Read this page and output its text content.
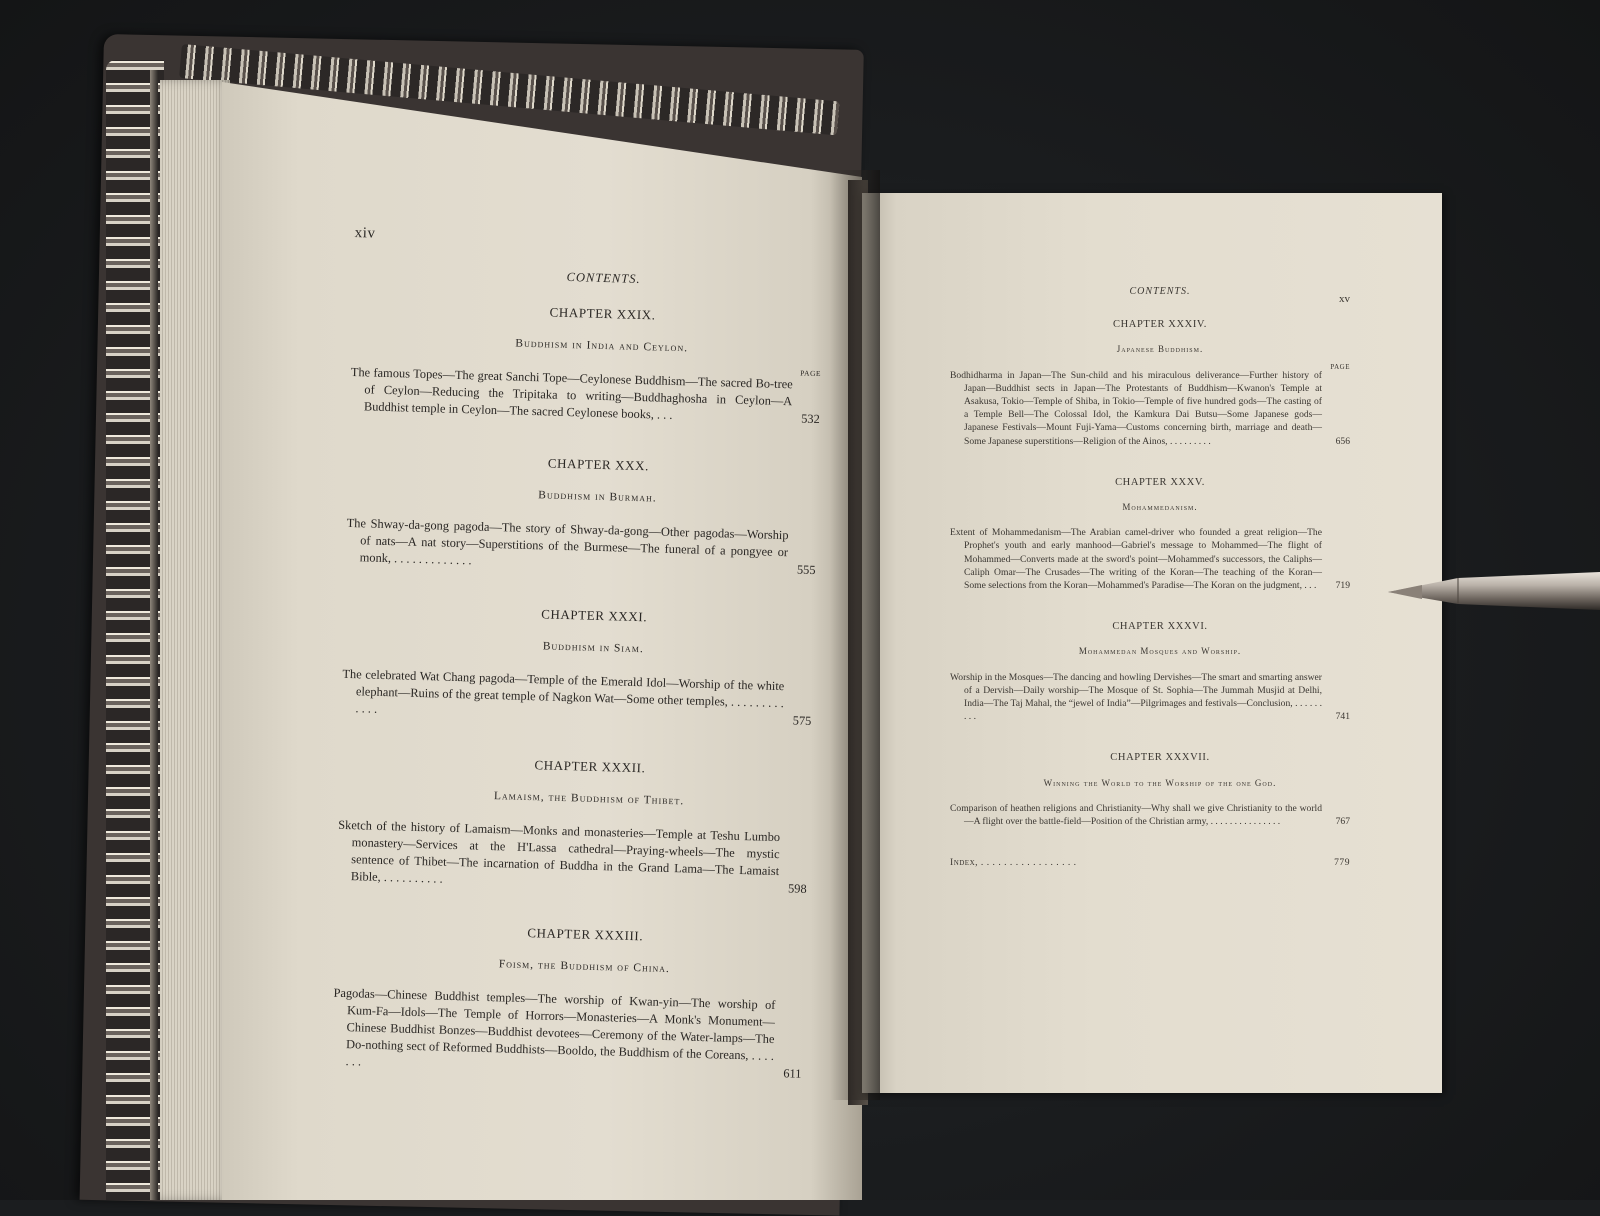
xiv
CONTENTS.
CHAPTER XXIX.
Buddhism in India and Ceylon.
PAGE
The famous Topes—The great Sanchi Tope—Ceylonese Buddhism—The sacred Bo-tree of Ceylon—Reducing the Tripitaka to writing—Buddhaghosha in Ceylon—A Buddhist temple in Ceylon—The sacred Ceylonese books, . . .	532
CHAPTER XXX.
Buddhism in Burmah.
The Shway-da-gong pagoda—The story of Shway-da-gong—Other pagodas—Worship of nats—A nat story—Superstitions of the Burmese—The funeral of a pongyee or monk, . . . . . . . . . . . . .
555
CHAPTER XXXI.
Buddhism in Siam.
The celebrated Wat Chang pagoda—Temple of the Emerald Idol—Worship of the white elephant—Ruins of the great temple of Nagkon Wat—Some other temples, . . . . . . . . . . . . .
575
CHAPTER XXXII.
Lamaism, the Buddhism of Thibet.
Sketch of the history of Lamaism—Monks and monasteries—Temple at Teshu Lumbo monastery—Services at the H'Lassa cathedral—Praying-wheels—The mystic sentence of Thibet—The incarnation of Buddha in the Grand Lama—The Lamaist Bible, . . . . . . . . . .
598
CHAPTER XXXIII.
Foism, the Buddhism of China.
Pagodas—Chinese Buddhist temples—The worship of Kwan-yin—The worship of Kum-Fa—Idols—The Temple of Horrors—Monasteries—A Monk's Monument—Chinese Buddhist Bonzes—Buddhist devotees—Ceremony of the Water-lamps—The Do-nothing sect of Reformed Buddhists—Booldo, the Buddhism of the Coreans, . . . . . . .
611
xv
CONTENTS.
CHAPTER XXXIV.
Japanese Buddhism.
PAGE
Bodhidharma in Japan—The Sun-child and his miraculous deliverance—Further history of Japan—Buddhist sects in Japan—The Protestants of Buddhism—Kwanon's Temple at Asakusa, Tokio—Temple of Shiba, in Tokio—Temple of five hundred gods—The casting of a Temple Bell—The Colossal Idol, the Kamkura Dai Butsu—Some Japanese gods—Japanese Festivals—Mount Fuji-Yama—Customs concerning birth, marriage and death—Some Japanese superstitions—Religion of the Ainos, . . . . . . . . .	656
CHAPTER XXXV.
Mohammedanism.
Extent of Mohammedanism—The Arabian camel-driver who founded a great religion—The Prophet's youth and early manhood—Gabriel's message to Mohammed—The flight of Mohammed—Converts made at the sword's point—Mohammed's successors, the Caliphs—Caliph Omar—The Crusades—The writing of the Koran—The teaching of the Koran—Some selections from the Koran—Mohammed's Paradise—The Koran on the judgment, . . . 719
CHAPTER XXXVI.
Mohammedan Mosques and Worship.
Worship in the Mosques—The dancing and howling Dervishes—The smart and smarting answer of a Dervish—Daily worship—The Mosque of St. Sophia—The Jummah Musjid at Delhi, India—The Taj Mahal, the “jewel of India”—Pilgrimages and festivals—Conclusion, . . . . . . . . .	741
CHAPTER XXXVII.
Winning the World to the Worship of the one God.
Comparison of heathen religions and Christianity—Why shall we give Christianity to the world—A flight over the battle-field—Position of the Christian army, . . . . . . . . . . . . . . .	767
Index, . . . . . . . . . . . . . . . . .	779
